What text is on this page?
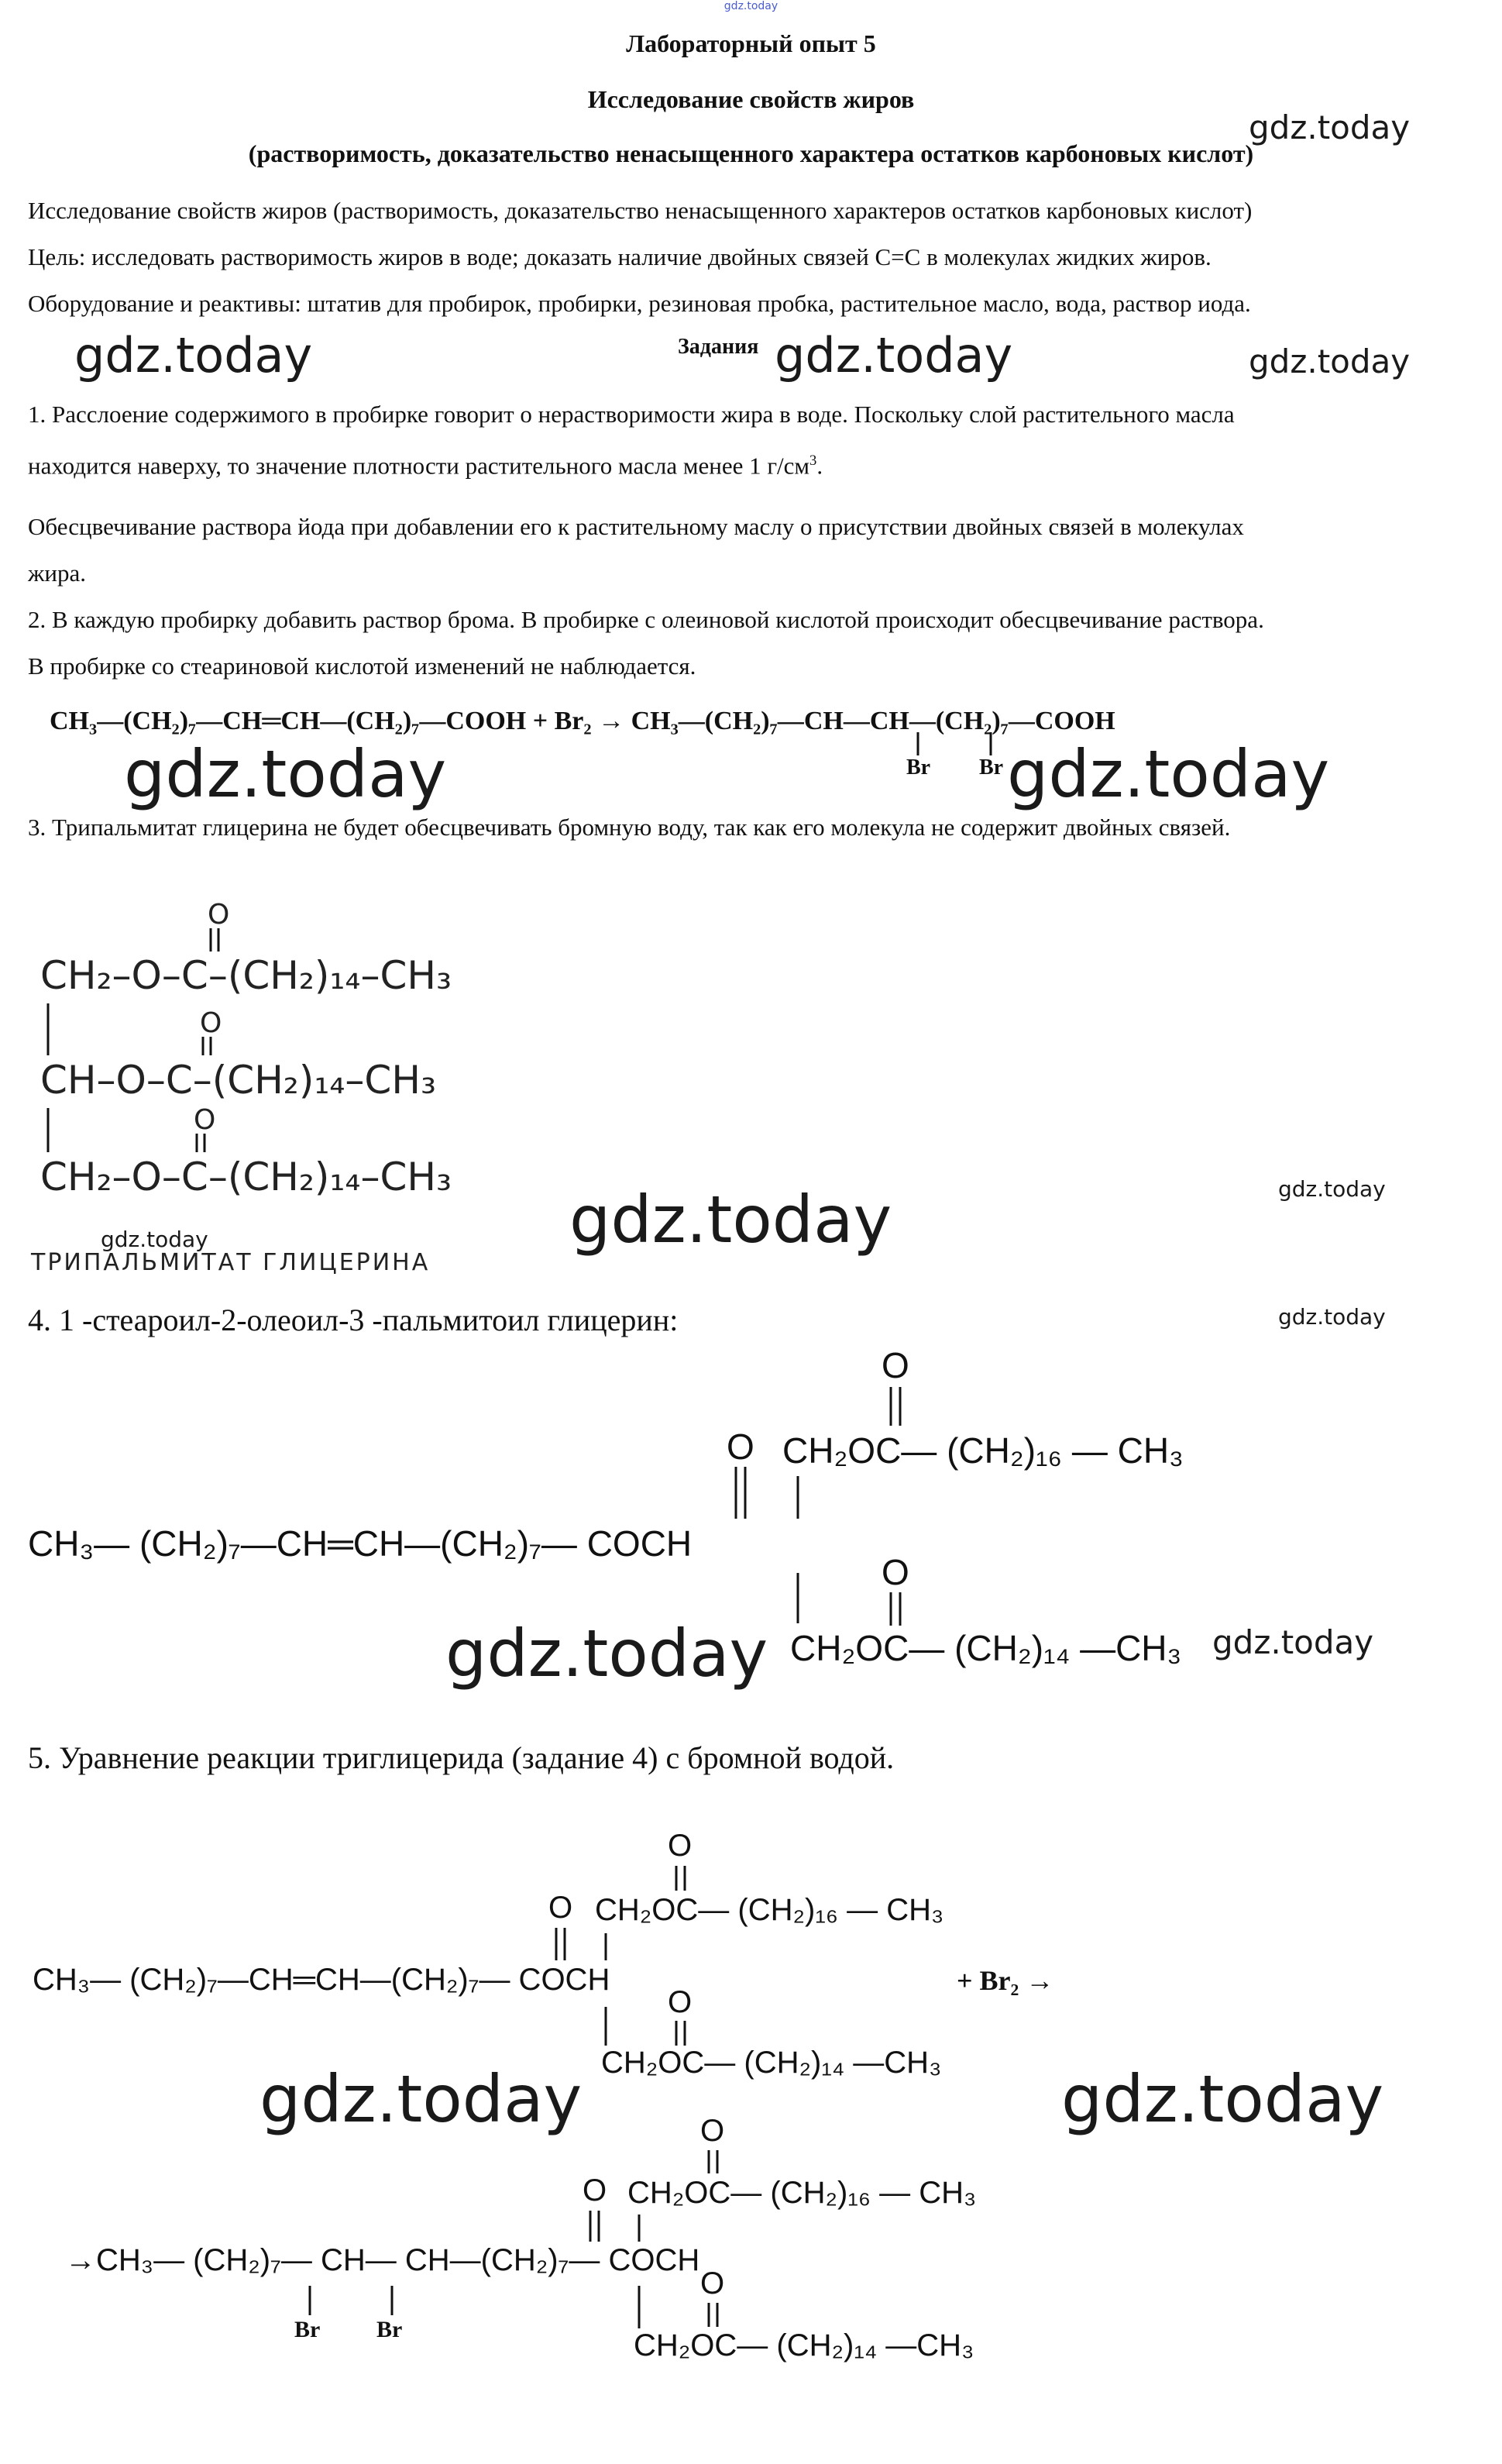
gdz.today
Лабораторный опыт 5
Исследование свойств жиров
gdz.today
(растворимость, доказательство ненасыщенного характера остатков карбоновых кислот)
Исследование свойств жиров (растворимость, доказательство ненасыщенного характеров остатков карбоновых кислот)
Цель: исследовать растворимость жиров в воде; доказать наличие двойных связей С=С в молекулах жидких жиров.
Оборудование и реактивы: штатив для пробирок, пробирки, резиновая пробка, растительное масло, вода, раствор иода.
gdz.today	Задания gdz.today	gdz.today
1. Расслоение содержимого в пробирке говорит о нерастворимости жира в воде. Поскольку слой растительного масла
находится наверху, то значение плотности растительного масла менее 1 $г/см^3$.
Обесцвечивание раствора йода при добавлении его к растительному маслу о присутствии двойных связей в молекулах
жира.
2. В каждую пробирку добавить раствор брома. В пробирке с олеиновой кислотой происходит обесцвечивание раствора.
В пробирке со стеариновой кислотой изменений не наблюдается.
CH₃—(CH₂)₇—CH═CH—(CH₂)₇—COOH + Br₂ → CH₃—(CH₂)₇—CH—CH—(CH₂)₇—COOH
Br Br
gdz.today	gdz.today
3. Трипальмитат глицерина не будет обесцвечивать бромную воду, так как его молекула не содержит двойных связей.
O
CH₂–O–C–(CH₂)₁₄–CH₃
O
CH–O–C–(CH₂)₁₄–CH₃
O
CH₂–O–C–(CH₂)₁₄–CH₃
gdz.today
ТРИПАЛЬМИТАТ ГЛИЦЕРИНА
gdz.today	gdz.today
4. 1 -стеароил-2-олеоил-3 -пальмитоил глицерин:	gdz.today
O
O CH₂OC— (CH₂)₁₆ — CH₃
CH₃— (CH₂)₇—CH═CH—(CH₂)₇— COCH
O
CH₂OC— (CH₂)₁₄ —CH₃
gdz.today	gdz.today
5. Уравнение реакции триглицерида (задание 4) с бромной водой.
O
O CH₂OC— (CH₂)₁₆ — CH₃
CH₃— (CH₂)₇—CH═CH—(CH₂)₇— COCH	+ Br₂ →
O
CH₂OC— (CH₂)₁₄ —CH₃
gdz.today	gdz.today
O
O CH₂OC— (CH₂)₁₆ — CH₃
→CH₃— (CH₂)₇— CH— CH—(CH₂)₇— COCH
Br Br
O
CH₂OC— (CH₂)₁₄ —CH₃
